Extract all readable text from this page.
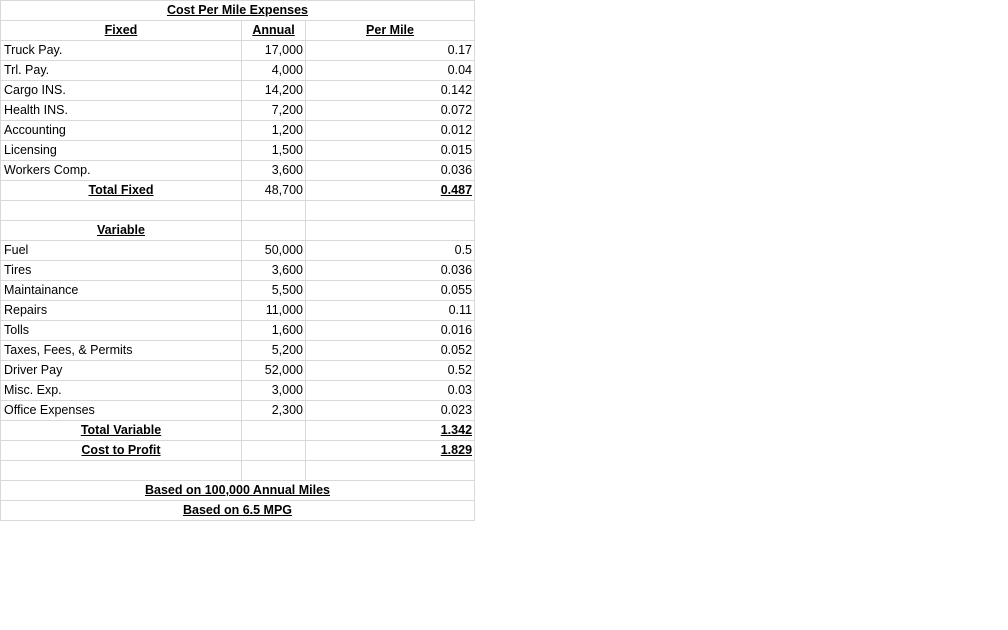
Cost Per Mile Expenses		
Fixed	Annual	Per Mile
Truck Pay.	17,000	0.17
Trl. Pay.	4,000	0.04
Cargo INS.	14,200	0.142
Health INS.	7,200	0.072
Accounting	1,200	0.012
Licensing	1,500	0.015
Workers Comp.	3,600	0.036
Total Fixed	48,700	0.487

Variable		
Fuel	50,000	0.5
Tires	3,600	0.036
Maintainance	5,500	0.055
Repairs	11,000	0.11
Tolls	1,600	0.016
Taxes, Fees, & Permits	5,200	0.052
Driver Pay	52,000	0.52
Misc. Exp.	3,000	0.03
Office Expenses	2,300	0.023
Total Variable		1.342
Cost to Profit		1.829

Based on 100,000 Annual Miles		
Based on 6.5 MPG		
